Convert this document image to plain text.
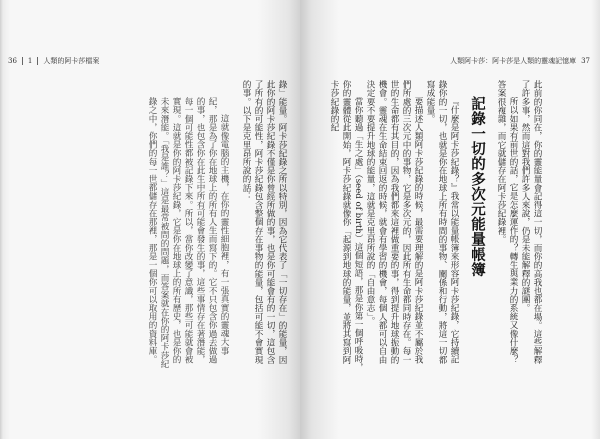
36 1 人類的阿卡莎檔案

錄」能量。阿卡莎紀錄之所以特別，因為它代表了「一切存在」的能量，因此你的阿卡莎紀錄不僅是你曾經所做的事，也是你可能會有的一切，這包含了所有的可能性，阿卡莎紀錄包含整個存在事物的能量，包括可能不會實現的事。以下是克里昂所說的話：

這就像電腦的主機，在你的靈性細胞裡，有一張真實的靈魂大事紀，那是為了你在地球上的所有人生而寫下的。它不只包含你過去做過的事，也包含你在此生中所有可能會發生的事，這些事情存在著潛能，每一個可能性都被記錄下來。所以，當你改變了意識，那些可能就會被實現。這就是你的阿卡莎紀錄，它是你在地球上的所有歷史，也是你的未來潛能。「我是誰？」這是最常被問的問題，而答案就在你的阿卡莎紀錄之中，你們的每一世都儲存在那裡，那是一個你可以取用的資料庫。

人類阿卡莎：阿卡莎是人類的靈魂記憶庫 37

此前的你同在，你的靈能量會記得這一切，而你的高我也都在場。這些解釋了許多事，然而這對我們許多人來說，仍是未能解釋的謎團。

所以如果有前世的話，它是怎麼運作的？轉生與業力的系統又像什麼？答案很複雜，而它就儲存在阿卡莎紀錄裡。

記錄一切的多次元能量帳簿

『什麼是阿卡莎紀錄？』我常以能量帳簿來形容阿卡莎紀錄，它持續記錄你的一切，也就是你在地球上所有時間的事物、關係和行動，將這一切都寫成能量。

要描述人類阿卡莎紀錄的時候，最需要理解的是阿卡莎紀錄並不屬於我們所處的三次元中的事物，它是多次元的，因此所有生命都同時存在。每一世的生命都有其目的，因為我們都來這裡做重要的事，得到提升地球振動的機會。靈魂在生命結束回返的時候，就會有學習的機會，每個人都可以自由決定要不要提升地球的能量，這就是克里昂所說的「自由意志」。

當你聽過「生之處」（seed of birth）這個短語，那是你第一個呼吸時，你的靈體從此開始，阿卡莎紀錄就像你「起源到地球的能量，並將其寫到阿卡莎紀錄的紀
